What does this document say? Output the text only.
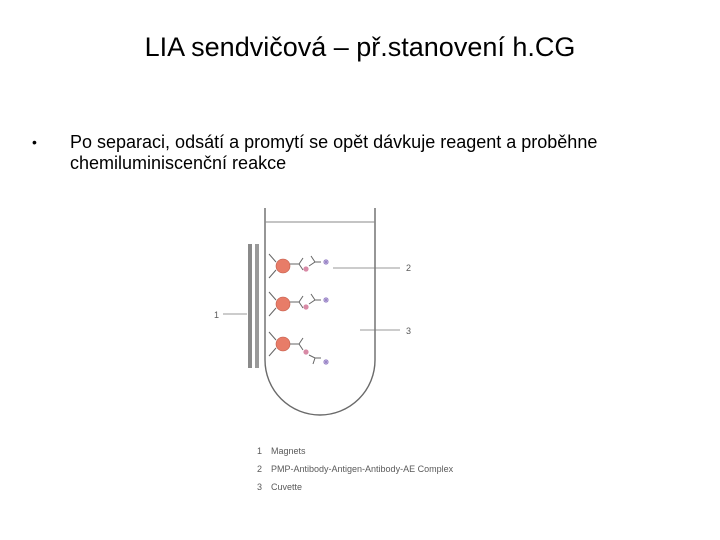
LIA sendvičová – př.stanovení h.CG
• Po separaci, odsátí a promytí se opět dávkuje reagent a proběhne
chemiluminiscenční reakce
2
3
1
1 Magnets
2 PMP-Antibody-Antigen-Antibody-AE Complex
3 Cuvette
